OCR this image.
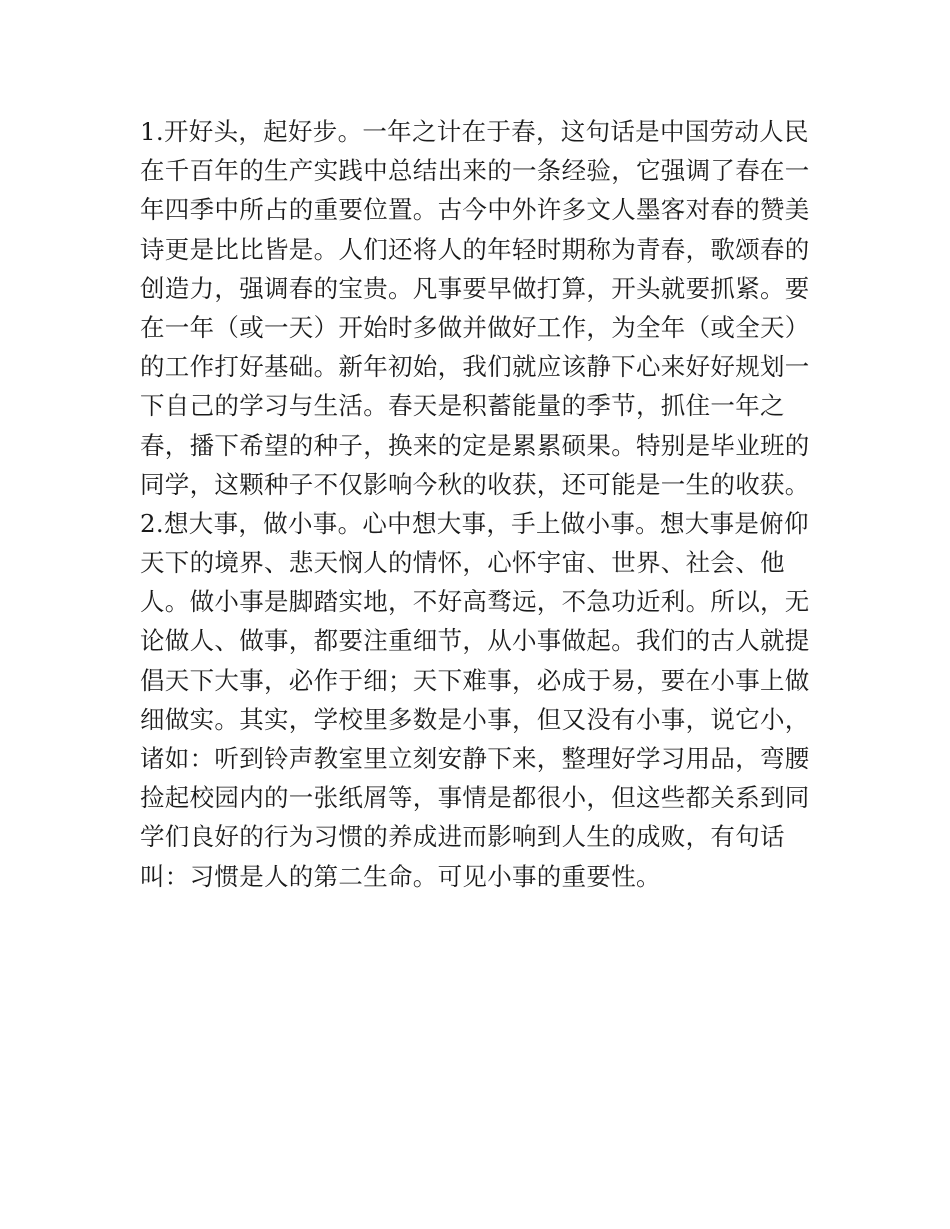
1.开好头，起好步。一年之计在于春，这句话是中国劳动人民
在千百年的生产实践中总结出来的一条经验，它强调了春在一
年四季中所占的重要位置。古今中外许多文人墨客对春的赞美
诗更是比比皆是。人们还将人的年轻时期称为青春，歌颂春的
创造力，强调春的宝贵。凡事要早做打算，开头就要抓紧。要
在一年（或一天）开始时多做并做好工作，为全年（或全天）
的工作打好基础。新年初始，我们就应该静下心来好好规划一
下自己的学习与生活。春天是积蓄能量的季节，抓住一年之
春，播下希望的种子，换来的定是累累硕果。特别是毕业班的
同学，这颗种子不仅影响今秋的收获，还可能是一生的收获。
2.想大事，做小事。心中想大事，手上做小事。想大事是俯仰
天下的境界、悲天悯人的情怀，心怀宇宙、世界、社会、他
人。做小事是脚踏实地，不好高骛远，不急功近利。所以，无
论做人、做事，都要注重细节，从小事做起。我们的古人就提
倡天下大事，必作于细；天下难事，必成于易，要在小事上做
细做实。其实，学校里多数是小事，但又没有小事，说它小，
诸如：听到铃声教室里立刻安静下来，整理好学习用品，弯腰
捡起校园内的一张纸屑等，事情是都很小，但这些都关系到同
学们良好的行为习惯的养成进而影响到人生的成败，有句话
叫：习惯是人的第二生命。可见小事的重要性。
